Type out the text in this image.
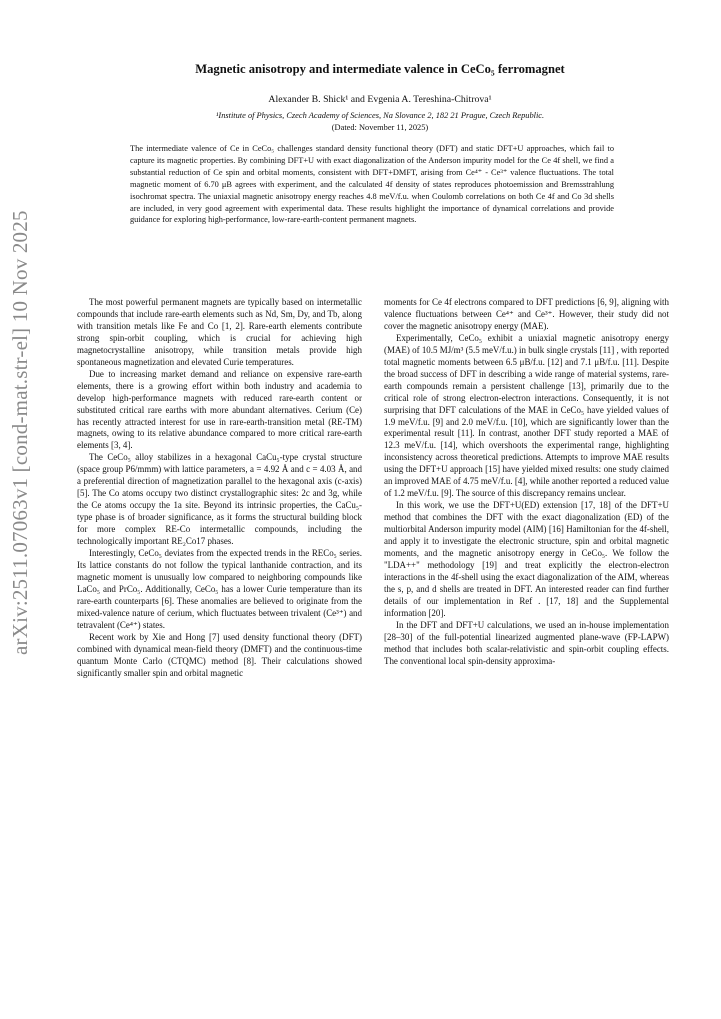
arXiv:2511.07063v1 [cond-mat.str-el] 10 Nov 2025
Magnetic anisotropy and intermediate valence in CeCo₅ ferromagnet
Alexander B. Shick¹ and Evgenia A. Tereshina-Chitrova¹
¹Institute of Physics, Czech Academy of Sciences, Na Slovance 2, 182 21 Prague, Czech Republic.
(Dated: November 11, 2025)
The intermediate valence of Ce in CeCo₅ challenges standard density functional theory (DFT) and static DFT+U approaches, which fail to capture its magnetic properties. By combining DFT+U with exact diagonalization of the Anderson impurity model for the Ce 4f shell, we find a substantial reduction of Ce spin and orbital moments, consistent with DFT+DMFT, arising from Ce⁴⁺ - Ce³⁺ valence fluctuations. The total magnetic moment of 6.70 μB agrees with experiment, and the calculated 4f density of states reproduces photoemission and Bremsstrahlung isochromat spectra. The uniaxial magnetic anisotropy energy reaches 4.8 meV/f.u. when Coulomb correlations on both Ce 4f and Co 3d shells are included, in very good agreement with experimental data. These results highlight the importance of dynamical correlations and provide guidance for exploring high-performance, low-rare-earth-content permanent magnets.

The most powerful permanent magnets are typically based on intermetallic compounds that include rare-earth elements such as Nd, Sm, Dy, and Tb, along with transition metals like Fe and Co [1, 2]. Rare-earth elements contribute strong spin-orbit coupling, which is crucial for achieving high magnetocrystalline anisotropy, while transition metals provide high spontaneous magnetization and elevated Curie temperatures.

Due to increasing market demand and reliance on expensive rare-earth elements, there is a growing effort within both industry and academia to develop high-performance magnets with reduced rare-earth content or substituted critical rare earths with more abundant alternatives. Cerium (Ce) has recently attracted interest for use in rare-earth-transition metal (RE-TM) magnets, owing to its relative abundance compared to more critical rare-earth elements [3, 4].

The CeCo₅ alloy stabilizes in a hexagonal CaCu₅-type crystal structure (space group P6/mmm) with lattice parameters, a = 4.92 Å and c = 4.03 Å, and a preferential direction of magnetization parallel to the hexagonal axis (c-axis) [5]. The Co atoms occupy two distinct crystallographic sites: 2c and 3g, while the Ce atoms occupy the 1a site. Beyond its intrinsic properties, the CaCu₅-type phase is of broader significance, as it forms the structural building block for more complex RE-Co intermetallic compounds, including the technologically important RE₂Co17 phases.

Interestingly, CeCo₅ deviates from the expected trends in the RECo₅ series. Its lattice constants do not follow the typical lanthanide contraction, and its magnetic moment is unusually low compared to neighboring compounds like LaCo₅ and PrCo₅. Additionally, CeCo₅ has a lower Curie temperature than its rare-earth counterparts [6]. These anomalies are believed to originate from the mixed-valence nature of cerium, which fluctuates between trivalent (Ce³⁺) and tetravalent (Ce⁴⁺) states.

Recent work by Xie and Hong [7] used density functional theory (DFT) combined with dynamical mean-field theory (DMFT) and the continuous-time quantum Monte Carlo (CTQMC) method [8]. Their calculations showed significantly smaller spin and orbital magnetic

moments for Ce 4f electrons compared to DFT predictions [6, 9], aligning with valence fluctuations between Ce⁴⁺ and Ce³⁺. However, their study did not cover the magnetic anisotropy energy (MAE).

Experimentally, CeCo₅ exhibit a uniaxial magnetic anisotropy energy (MAE) of 10.5 MJ/m³ (5.5 meV/f.u.) in bulk single crystals [11] , with reported total magnetic moments between 6.5 μB/f.u. [12] and 7.1 μB/f.u. [11]. Despite the broad success of DFT in describing a wide range of material systems, rare-earth compounds remain a persistent challenge [13], primarily due to the critical role of strong electron-electron interactions. Consequently, it is not surprising that DFT calculations of the MAE in CeCo₅ have yielded values of 1.9 meV/f.u. [9] and 2.0 meV/f.u. [10], which are significantly lower than the experimental result [11]. In contrast, another DFT study reported a MAE of 12.3 meV/f.u. [14], which overshoots the experimental range, highlighting inconsistency across theoretical predictions. Attempts to improve MAE results using the DFT+U approach [15] have yielded mixed results: one study claimed an improved MAE of 4.75 meV/f.u. [4], while another reported a reduced value of 1.2 meV/f.u. [9]. The source of this discrepancy remains unclear.

In this work, we use the DFT+U(ED) extension [17, 18] of the DFT+U method that combines the DFT with the exact diagonalization (ED) of the multiorbital Anderson impurity model (AIM) [16] Hamiltonian for the 4f-shell, and apply it to investigate the electronic structure, spin and orbital magnetic moments, and the magnetic anisotropy energy in CeCo₅. We follow the "LDA++" methodology [19] and treat explicitly the electron-electron interactions in the 4f-shell using the exact diagonalization of the AIM, whereas the s, p, and d shells are treated in DFT. An interested reader can find further details of our implementation in Ref . [17, 18] and the Supplemental information [20].

In the DFT and DFT+U calculations, we used an in-house implementation [28–30] of the full-potential linearized augmented plane-wave (FP-LAPW) method that includes both scalar-relativistic and spin-orbit coupling effects. The conventional local spin-density approxima-
